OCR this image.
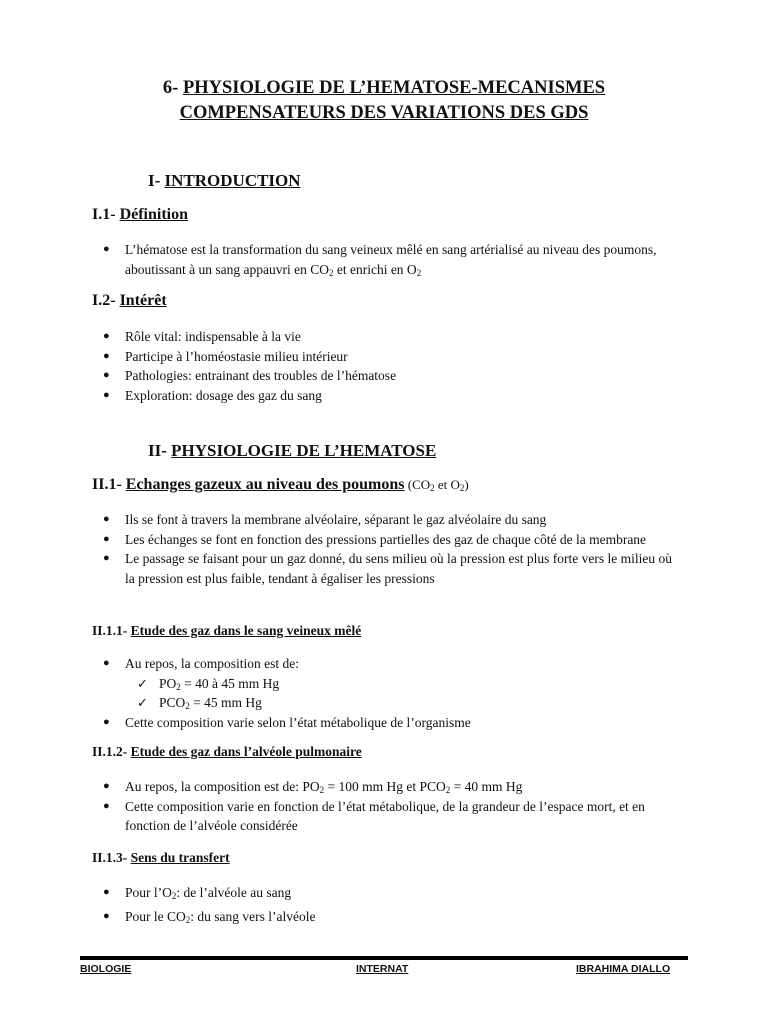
6- PHYSIOLOGIE DE L’HEMATOSE-MECANISMES
COMPENSATEURS DES VARIATIONS DES GDS
I- INTRODUCTION
I.1- Définition
● L’hématose est la transformation du sang veineux mêlé en sang artérialisé au niveau des poumons, aboutissant à un sang appauvri en $CO_2$ et enrichi en $O_2$
I.2- Intérêt
● Rôle vital: indispensable à la vie
● Participe à l’homéostasie milieu intérieur
● Pathologies: entrainant des troubles de l’hématose
● Exploration: dosage des gaz du sang
II- PHYSIOLOGIE DE L’HEMATOSE
II.1- Echanges gazeux au niveau des poumons ($CO_2$ et $O_2$)
● Ils se font à travers la membrane alvéolaire, séparant le gaz alvéolaire du sang
● Les échanges se font en fonction des pressions partielles des gaz de chaque côté de la membrane
● Le passage se faisant pour un gaz donné, du sens milieu où la pression est plus forte vers le milieu où la pression est plus faible, tendant à égaliser les pressions
II.1.1- Etude des gaz dans le sang veineux mêlé
● Au repos, la composition est de:
✓ $PO_2 = 40$ à 45 mm Hg
✓ $PCO_2 = 45$ mm Hg
● Cette composition varie selon l’état métabolique de l’organisme
II.1.2- Etude des gaz dans l’alvéole pulmonaire
● Au repos, la composition est de: $PO_2 = 100$ mm Hg et $PCO_2 = 40$ mm Hg
● Cette composition varie en fonction de l’état métabolique, de la grandeur de l’espace mort, et en fonction de l’alvéole considérée
II.1.3- Sens du transfert
● Pour $l’O_2$: de l’alvéole au sang
● Pour le $CO_2$: du sang vers l’alvéole
BIOLOGIE	INTERNAT	IBRAHIMA DIALLO
